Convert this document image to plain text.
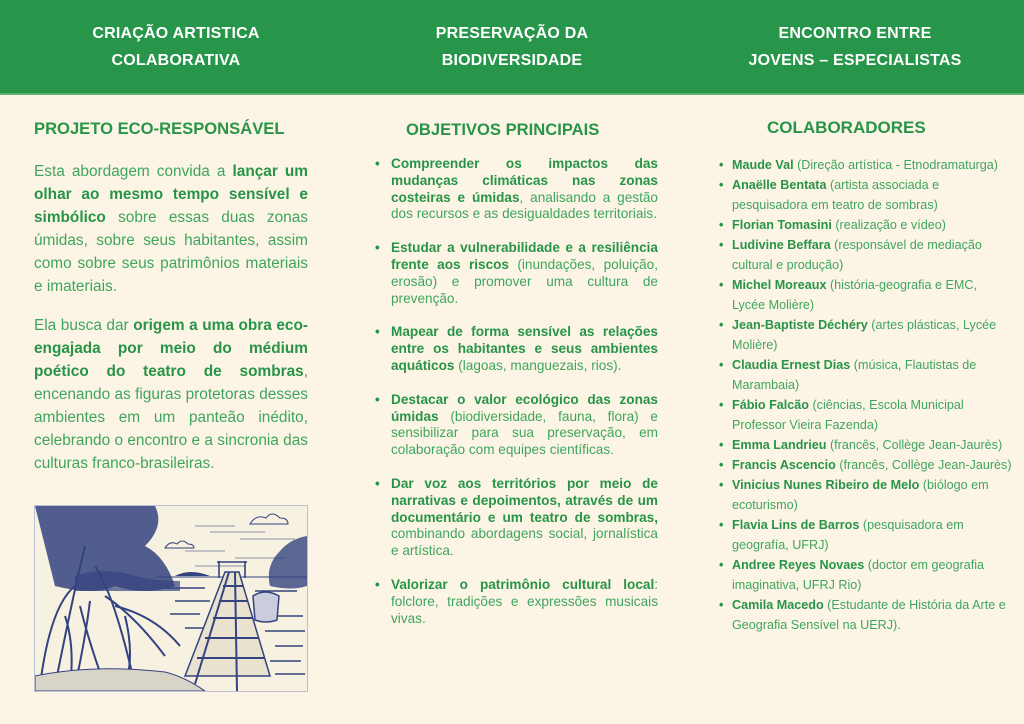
CRIAÇÃO ARTISTICA
COLABORATIVA
PRESERVAÇÃO DA
BIODIVERSIDADE
ENCONTRO ENTRE
JOVENS – ESPECIALISTAS
PROJETO ECO-RESPONSÁVEL

Esta abordagem convida a lançar um olhar ao mesmo tempo sensível e simbólico sobre essas duas zonas úmidas, sobre seus habitantes, assim como sobre seus patrimônios materiais e imateriais.

Ela busca dar origem a uma obra eco-engajada por meio do médium poético do teatro de sombras, encenando as figuras protetoras desses ambientes em um panteão inédito, celebrando o encontro e a sincronia das culturas franco-brasileiras.

OBJETIVOS PRINCIPAIS
• Compreender os impactos das mudanças climáticas nas zonas costeiras e úmidas, analisando a gestão dos recursos e as desigualdades territoriais.
• Estudar a vulnerabilidade e a resiliência frente aos riscos (inundações, poluição, erosão) e promover uma cultura de prevenção.
• Mapear de forma sensível as relações entre os habitantes e seus ambientes aquáticos (lagoas, manguezais, rios).
• Destacar o valor ecológico das zonas úmidas (biodiversidade, fauna, flora) e sensibilizar para sua preservação, em colaboração com equipes científicas.
• Dar voz aos territórios por meio de narrativas e depoimentos, através de um documentário e um teatro de sombras, combinando abordagens social, jornalística e artística.
• Valorizar o patrimônio cultural local: folclore, tradições e expressões musicais vivas.
COLABORADORES
• Maude Val (Direção artística - Etnodramaturga)
• Anaëlle Bentata (artista associada e pesquisadora em teatro de sombras)
• Florian Tomasini (realização e vídeo)
• Ludivine Beffara (responsável de mediação cultural e produção)
• Michel Moreaux (história-geografia e EMC, Lycée Molière)
• Jean-Baptiste Déchéry (artes plásticas, Lycée Molière)
• Claudia Ernest Dias (música, Flautistas de Marambaia)
• Fábio Falcão (ciências, Escola Municipal Professor Vieira Fazenda)
• Emma Landrieu (francês, Collège Jean-Jaurès)
• Francis Ascencio (francês, Collège Jean-Jaurès)
• Vinicius Nunes Ribeiro de Melo (biólogo em ecoturismo)
• Flavia Lins de Barros (pesquisadora em geografía, UFRJ)
• Andree Reyes Novaes (doctor em geografia imaginativa, UFRJ Rio)
• Camila Macedo (Estudante de História da Arte e Geografia Sensível na UERJ).
